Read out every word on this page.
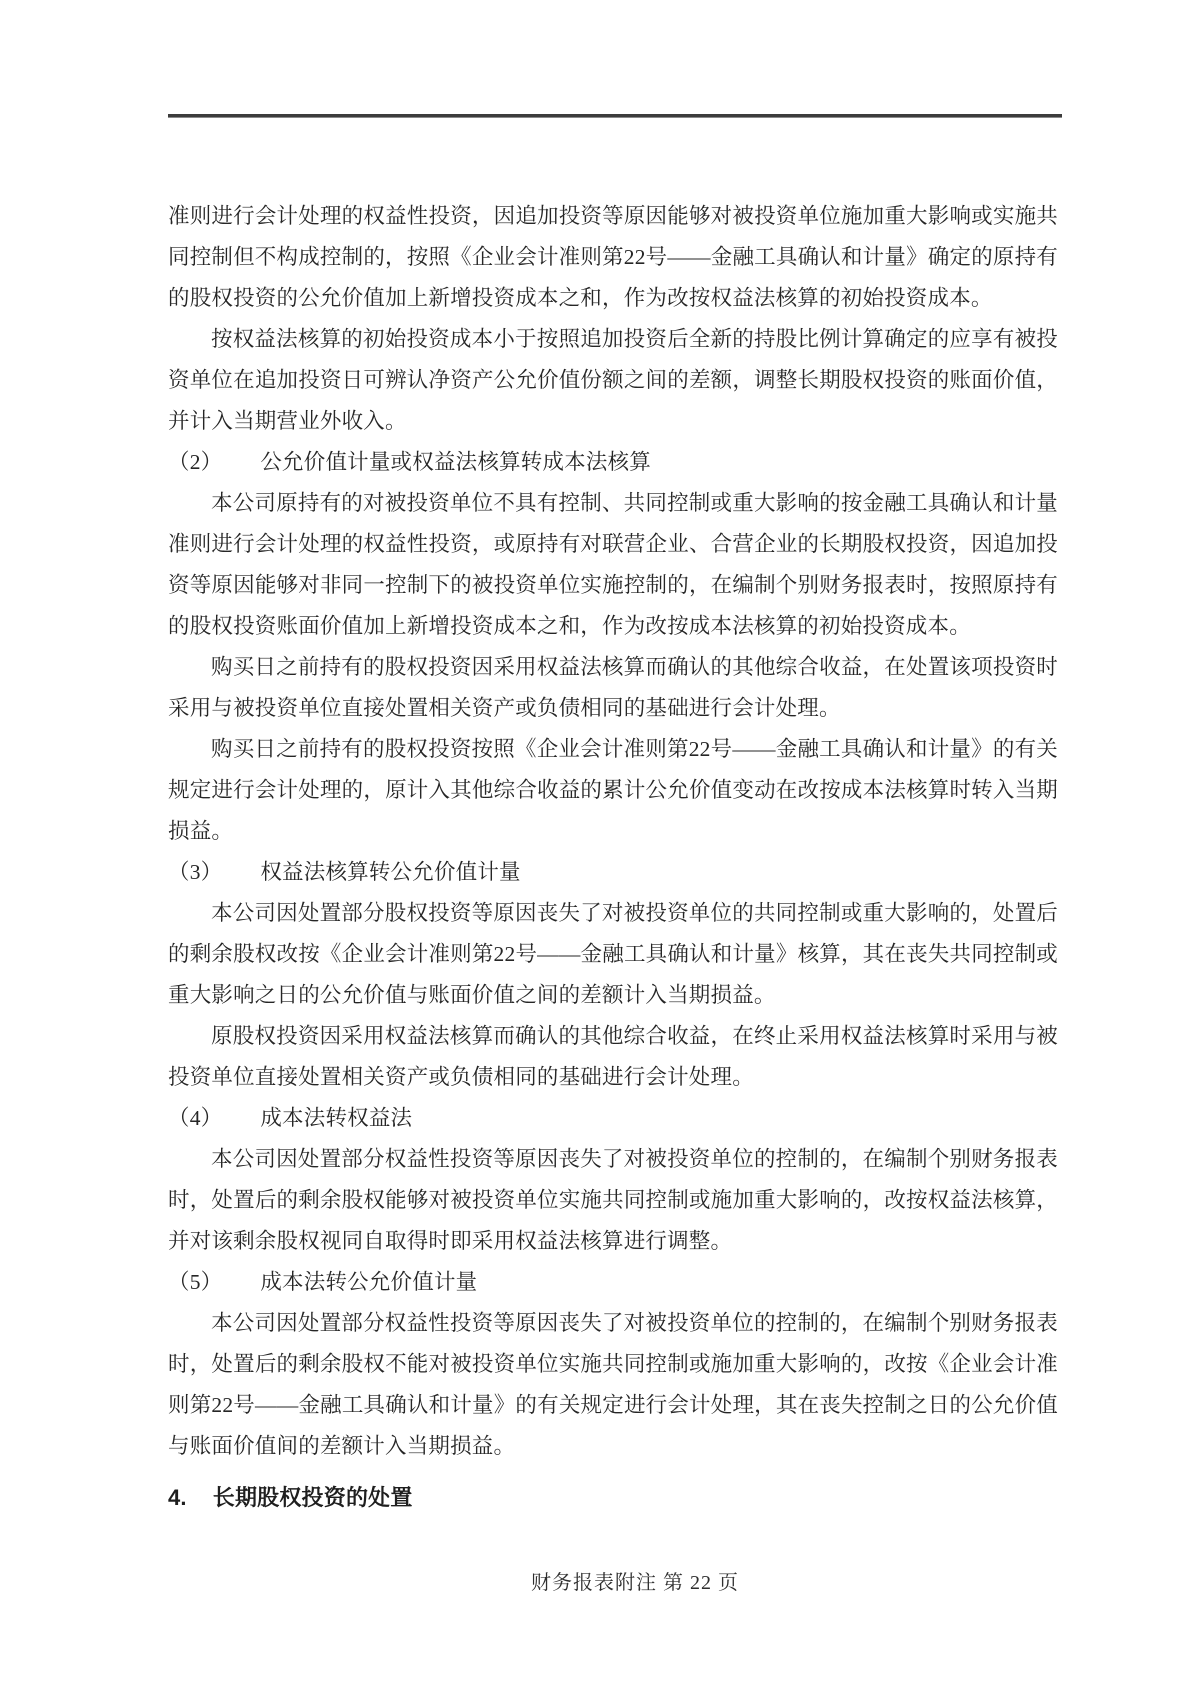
准则进行会计处理的权益性投资，因追加投资等原因能够对被投资单位施加重大影响或实施共同控制但不构成控制的，按照《企业会计准则第22号——金融工具确认和计量》确定的原持有的股权投资的公允价值加上新增投资成本之和，作为改按权益法核算的初始投资成本。

按权益法核算的初始投资成本小于按照追加投资后全新的持股比例计算确定的应享有被投资单位在追加投资日可辨认净资产公允价值份额之间的差额，调整长期股权投资的账面价值，并计入当期营业外收入。

（2） 公允价值计量或权益法核算转成本法核算

本公司原持有的对被投资单位不具有控制、共同控制或重大影响的按金融工具确认和计量准则进行会计处理的权益性投资，或原持有对联营企业、合营企业的长期股权投资，因追加投资等原因能够对非同一控制下的被投资单位实施控制的，在编制个别财务报表时，按照原持有的股权投资账面价值加上新增投资成本之和，作为改按成本法核算的初始投资成本。

购买日之前持有的股权投资因采用权益法核算而确认的其他综合收益，在处置该项投资时采用与被投资单位直接处置相关资产或负债相同的基础进行会计处理。

购买日之前持有的股权投资按照《企业会计准则第22号——金融工具确认和计量》的有关规定进行会计处理的，原计入其他综合收益的累计公允价值变动在改按成本法核算时转入当期损益。

（3） 权益法核算转公允价值计量

本公司因处置部分股权投资等原因丧失了对被投资单位的共同控制或重大影响的，处置后的剩余股权改按《企业会计准则第22号——金融工具确认和计量》核算，其在丧失共同控制或重大影响之日的公允价值与账面价值之间的差额计入当期损益。

原股权投资因采用权益法核算而确认的其他综合收益，在终止采用权益法核算时采用与被投资单位直接处置相关资产或负债相同的基础进行会计处理。

（4） 成本法转权益法

本公司因处置部分权益性投资等原因丧失了对被投资单位的控制的，在编制个别财务报表时，处置后的剩余股权能够对被投资单位实施共同控制或施加重大影响的，改按权益法核算，并对该剩余股权视同自取得时即采用权益法核算进行调整。

（5） 成本法转公允价值计量

本公司因处置部分权益性投资等原因丧失了对被投资单位的控制的，在编制个别财务报表时，处置后的剩余股权不能对被投资单位实施共同控制或施加重大影响的，改按《企业会计准则第22号——金融工具确认和计量》的有关规定进行会计处理，其在丧失控制之日的公允价值与账面价值间的差额计入当期损益。

4. 长期股权投资的处置

财务报表附注 第 22 页
